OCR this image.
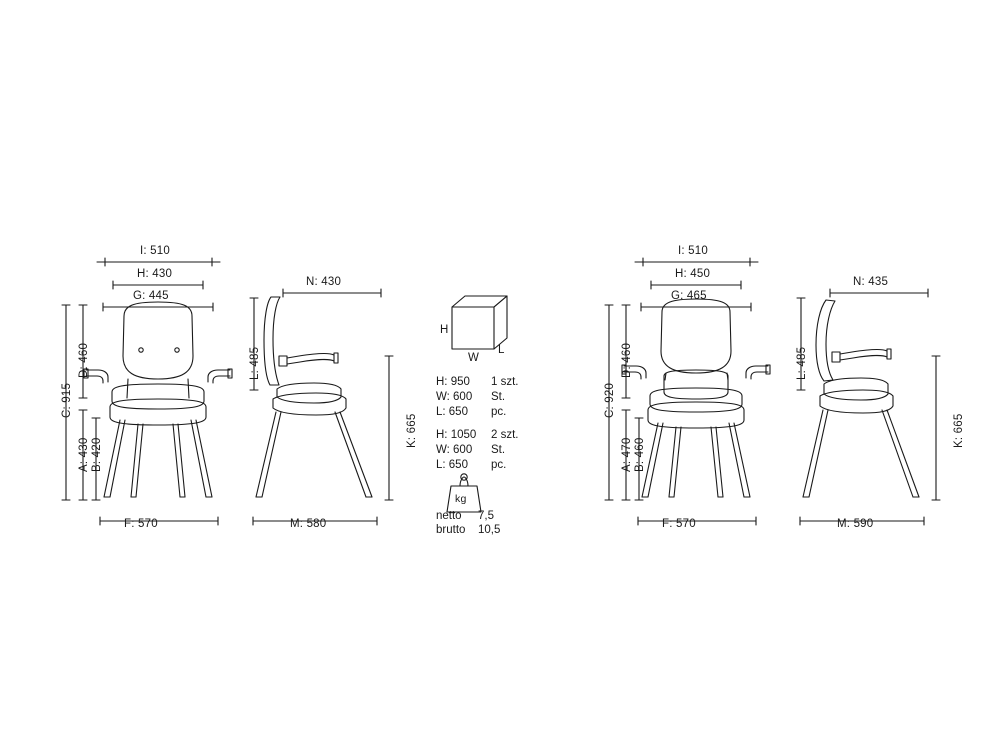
I: 510
H: 430
G: 445
N: 430
F: 570	M: 580
C: 915
D: 460
A: 430 B: 420
L: 485
K: 665
I: 510
H: 450
G: 465
N: 435
F: 570	M: 590
C: 920
D: 460
A: 470 B: 460
L: 485
K: 665
H
W
L
H: 950
W: 600
L: 650
1 szt.
St.
pc.
H: 1050
W: 600
L: 650
2 szt.
St.
pc.
kg
netto 7,5
brutto 10,5
